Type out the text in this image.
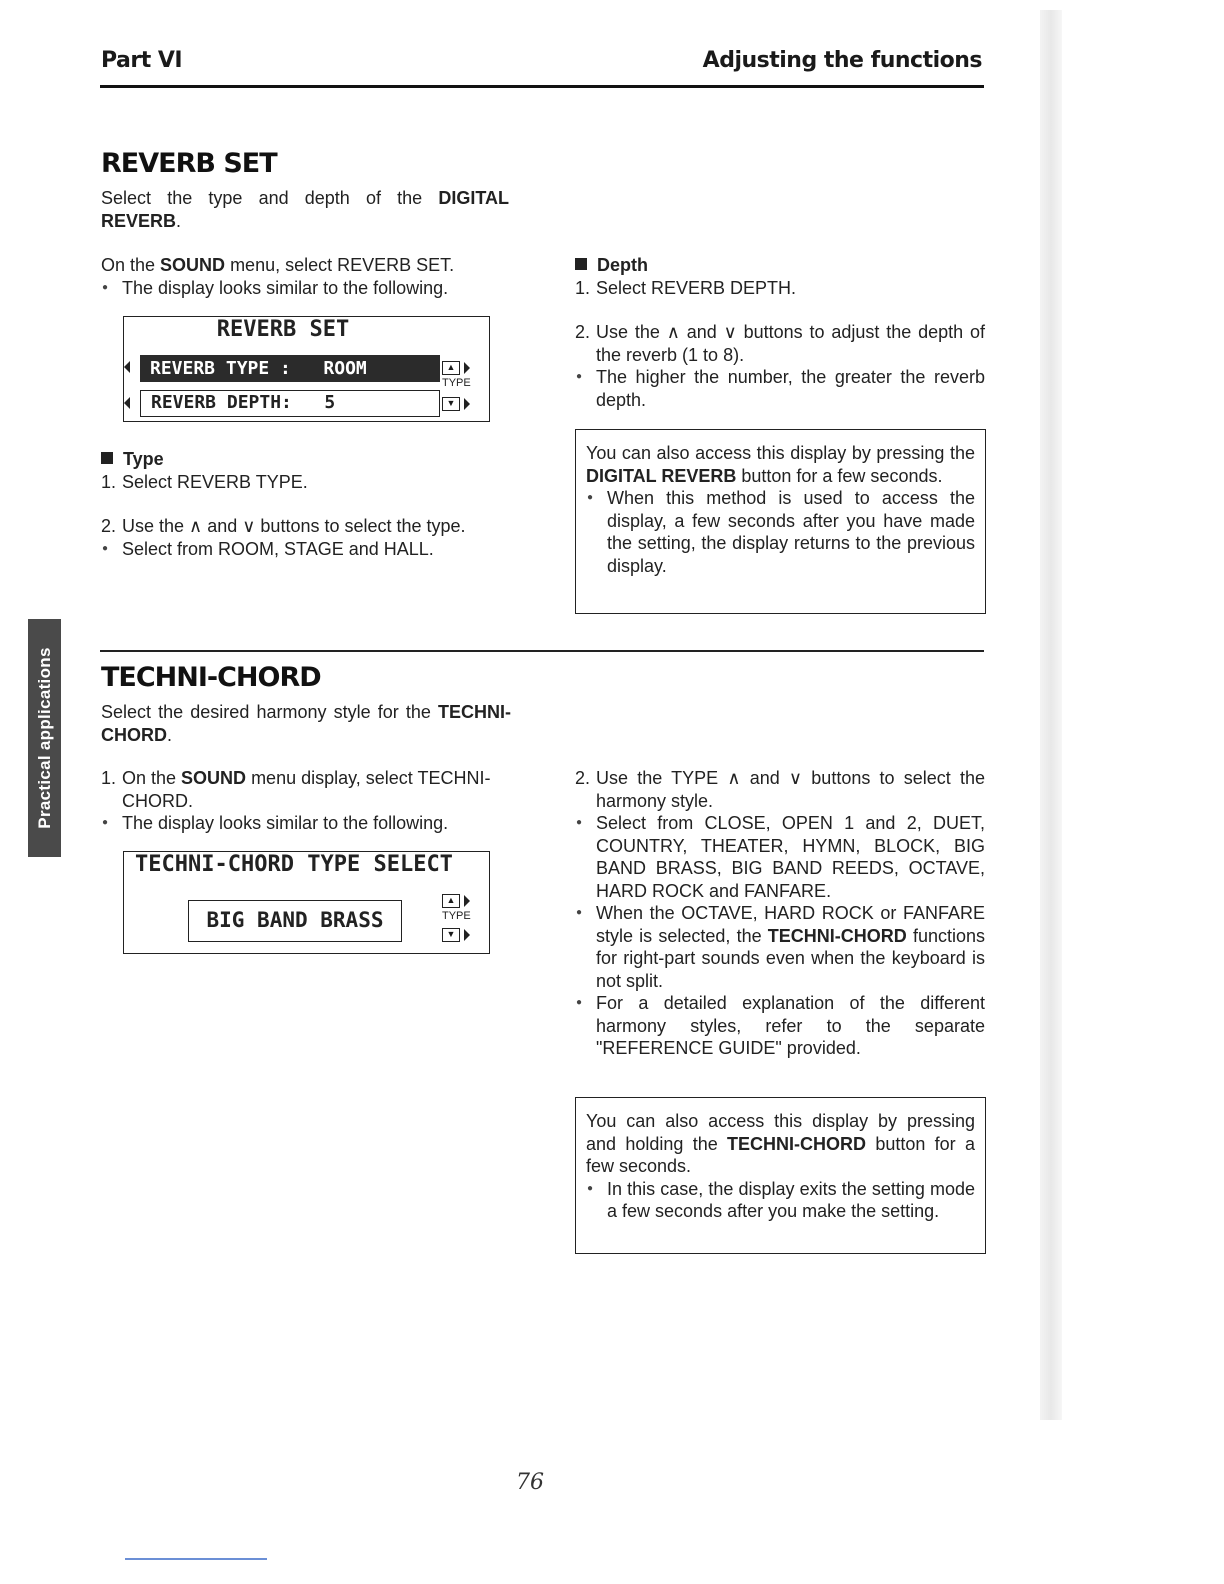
Part VI	Adjusting the functions
Practical applications
REVERB SET
Select the type and depth of the DIGITAL REVERB.
On the SOUND menu, select REVERB SET.
● The display looks similar to the following.
REVERB SET
REVERB TYPE :   ROOM
REVERB DEPTH:   5
▲
TYPE
▼
Type
1. Select REVERB TYPE.
2. Use the ∧ and ∨ buttons to select the type.
● Select from ROOM, STAGE and HALL.
Depth
1. Select REVERB DEPTH.
2. Use the ∧ and ∨ buttons to adjust the depth of the reverb (1 to 8).
● The higher the number, the greater the reverb depth.
You can also access this display by pressing the DIGITAL REVERB button for a few seconds.
● When this method is used to access the display, a few seconds after you have made the setting, the display returns to the previous display.
TECHNI-CHORD
Select the desired harmony style for the TECHNI-CHORD.
1. On the SOUND menu display, select TECHNI-CHORD.
● The display looks similar to the following.
TECHNI-CHORD TYPE SELECT
BIG BAND BRASS
▲
TYPE
▼
2. Use the TYPE ∧ and ∨ buttons to select the harmony style.
● Select from CLOSE, OPEN 1 and 2, DUET, COUNTRY, THEATER, HYMN, BLOCK, BIG BAND BRASS, BIG BAND REEDS, OCTAVE, HARD ROCK and FANFARE.
● When the OCTAVE, HARD ROCK or FANFARE style is selected, the TECHNI-CHORD functions for right-part sounds even when the keyboard is not split.
● For a detailed explanation of the different harmony styles, refer to the separate "REFERENCE GUIDE" provided.
You can also access this display by pressing and holding the TECHNI-CHORD button for a few seconds.
● In this case, the display exits the setting mode a few seconds after you make the setting.
76
